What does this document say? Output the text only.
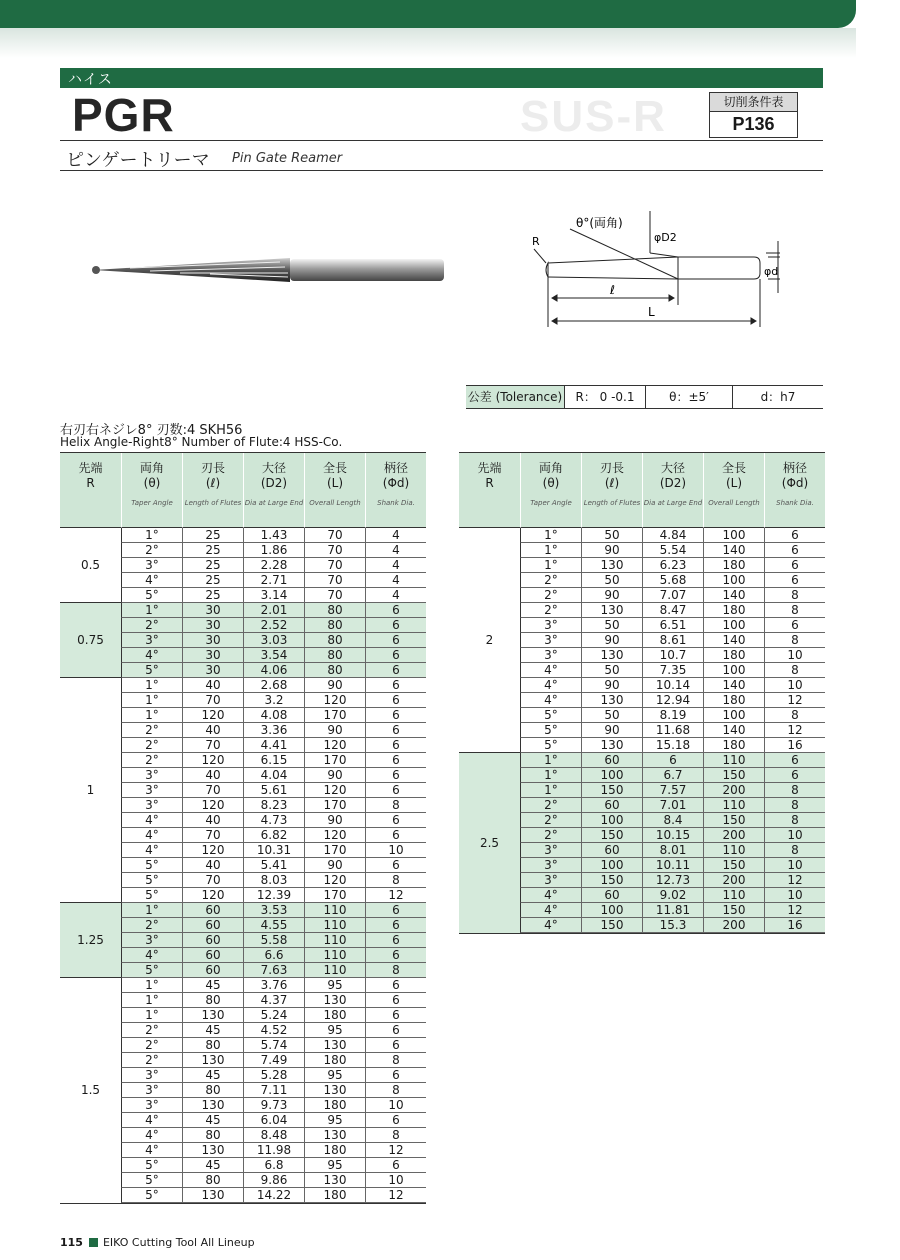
ハイス
SUS-R
PGR	切削条件表
P136
ピンゲートリーマ Pin Gate Reamer
θ°(両角)
φD2
R
ℓ
L
φd
公差 (Tolerance)	R： 0 -0.1	θ：±5′	d：h7
右刃右ネジレ8° 刃数:4 SKH56
Helix Angle-Right8° Number of Flute:4 HSS-Co.
先端
R
両角
(θ)
Taper Angle
刃長
(ℓ)
Length of Flutes
大径
(D2)
Dia at Large End
全長
(L)
Overall Length
柄径
(Φd)
Shank Dia.
0.5
1°	25	1.43	70	4
2°	25	1.86	70	4
3°	25	2.28	70	4
4°	25	2.71	70	4
5°	25	3.14	70	4
0.75
1°	30	2.01	80	6
2°	30	2.52	80	6
3°	30	3.03	80	6
4°	30	3.54	80	6
5°	30	4.06	80	6
1
1°	40	2.68	90	6
1°	70	3.2	120	6
1°	120	4.08	170	6
2°	40	3.36	90	6
2°	70	4.41	120	6
2°	120	6.15	170	6
3°	40	4.04	90	6
3°	70	5.61	120	6
3°	120	8.23	170	8
4°	40	4.73	90	6
4°	70	6.82	120	6
4°	120	10.31	170	10
5°	40	5.41	90	6
5°	70	8.03	120	8
5°	120	12.39	170	12
1.25
1°	60	3.53	110	6
2°	60	4.55	110	6
3°	60	5.58	110	6
4°	60	6.6	110	6
5°	60	7.63	110	8
1.5
1°	45	3.76	95	6
1°	80	4.37	130	6
1°	130	5.24	180	6
2°	45	4.52	95	6
2°	80	5.74	130	6
2°	130	7.49	180	8
3°	45	5.28	95	6
3°	80	7.11	130	8
3°	130	9.73	180	10
4°	45	6.04	95	6
4°	80	8.48	130	8
4°	130	11.98	180	12
5°	45	6.8	95	6
5°	80	9.86	130	10
5°	130	14.22	180	12
先端
R
両角
(θ)
Taper Angle
刃長
(ℓ)
Length of Flutes
大径
(D2)
Dia at Large End
全長
(L)
Overall Length
柄径
(Φd)
Shank Dia.
2
1°	50	4.84	100	6
1°	90	5.54	140	6
1°	130	6.23	180	6
2°	50	5.68	100	6
2°	90	7.07	140	8
2°	130	8.47	180	8
3°	50	6.51	100	6
3°	90	8.61	140	8
3°	130	10.7	180	10
4°	50	7.35	100	8
4°	90	10.14	140	10
4°	130	12.94	180	12
5°	50	8.19	100	8
5°	90	11.68	140	12
5°	130	15.18	180	16
2.5
1°	60	6	110	6
1°	100	6.7	150	6
1°	150	7.57	200	8
2°	60	7.01	110	8
2°	100	8.4	150	8
2°	150	10.15	200	10
3°	60	8.01	110	8
3°	100	10.11	150	10
3°	150	12.73	200	12
4°	60	9.02	110	10
4°	100	11.81	150	12
4°	150	15.3	200	16
115 EIKO Cutting Tool All Lineup
